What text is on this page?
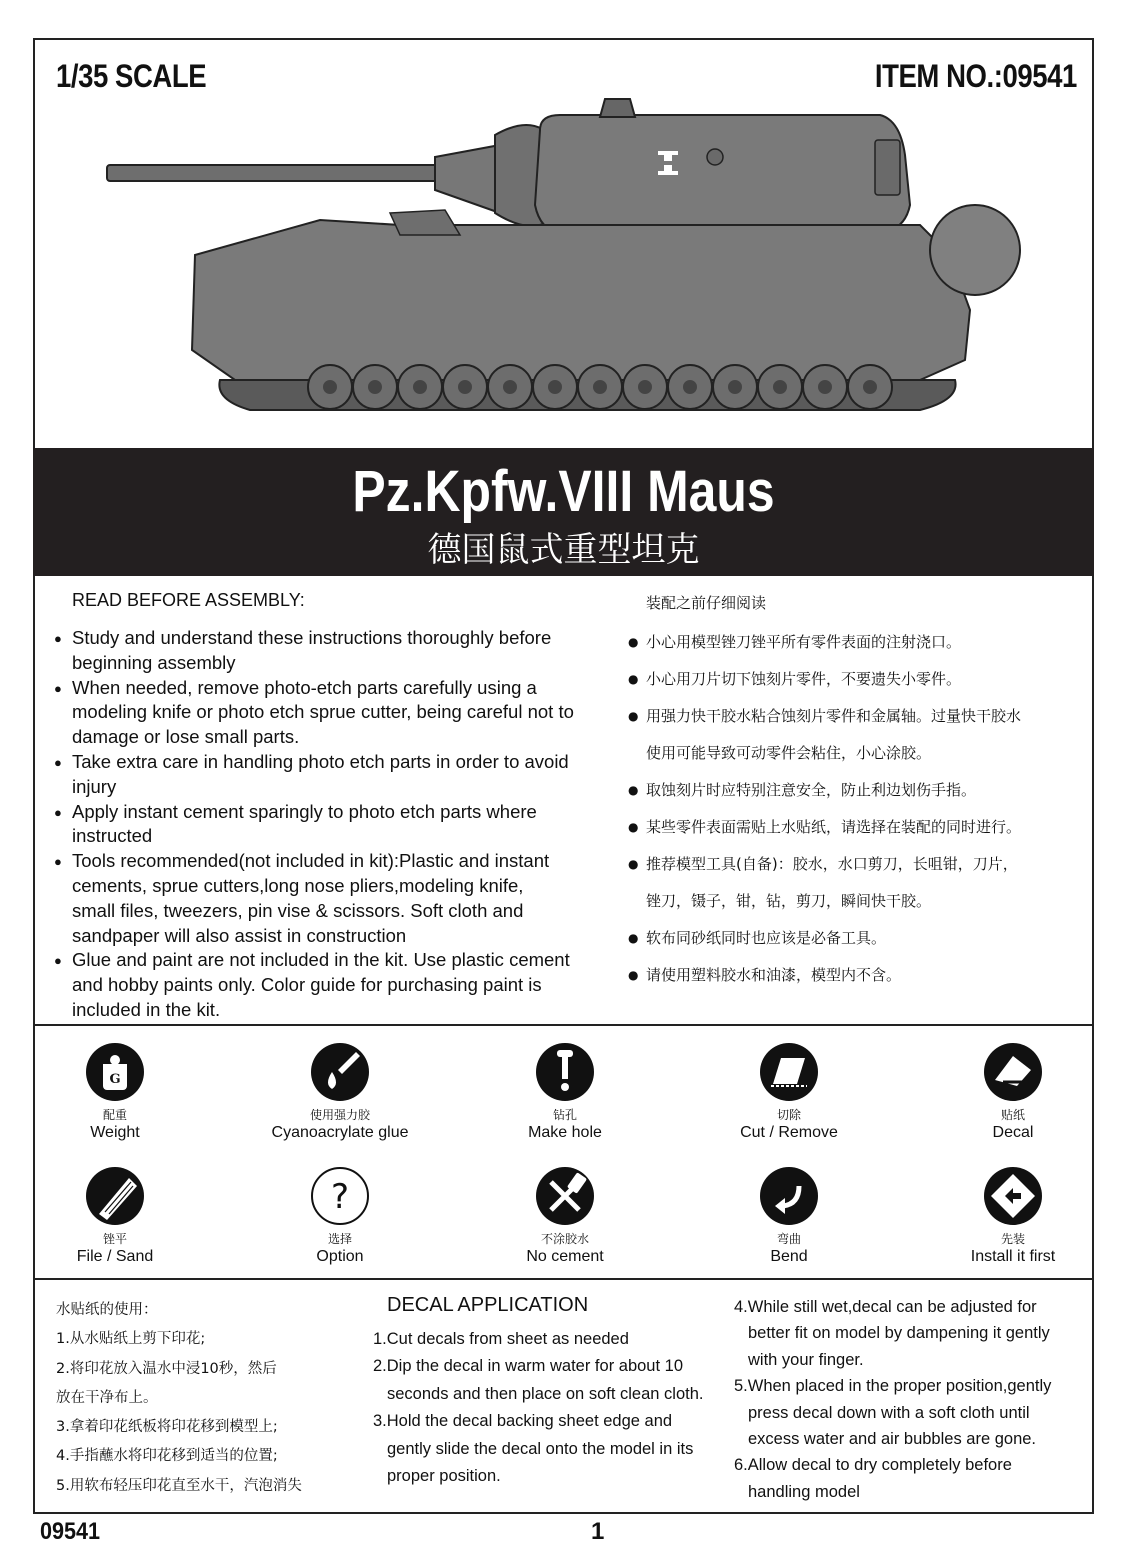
1/35 SCALE	ITEM NO.:09541
Pz.Kpfw.VIII Maus
德国鼠式重型坦克
READ BEFORE ASSEMBLY:	装配之前仔细阅读
● Study and understand these instructions thoroughly before
beginning assembly
● When needed, remove photo-etch parts carefully using a
modeling knife or photo etch sprue cutter, being careful not to
damage or lose small parts.
● Take extra care in handling photo etch parts in order to avoid
injury
● Apply instant cement sparingly to photo etch parts where
instructed
● Tools recommended(not included in kit):Plastic and instant
cements, sprue cutters,long nose pliers,modeling knife,
small files, tweezers, pin vise & scissors. Soft cloth and
sandpaper will also assist in construction
● Glue and paint are not included in the kit. Use plastic cement
and hobby paints only. Color guide for purchasing paint is
included in the kit.
● 小心用模型锉刀锉平所有零件表面的注射浇口。
● 小心用刀片切下蚀刻片零件，不要遗失小零件。
● 用强力快干胶水粘合蚀刻片零件和金属轴。过量快干胶水
使用可能导致可动零件会粘住，小心涂胶。
● 取蚀刻片时应特别注意安全，防止利边划伤手指。
● 某些零件表面需贴上水贴纸，请选择在装配的同时进行。
● 推荐模型工具(自备)：胶水，水口剪刀，长咀钳，刀片，
锉刀，镊子，钳，钻，剪刀，瞬间快干胶。
● 软布同砂纸同时也应该是必备工具。
● 请使用塑料胶水和油漆，模型内不含。
G
配重
Weight
使用强力胶
Cyanoacrylate glue
钻孔
Make hole
切除
Cut / Remove
贴纸
Decal
锉平
File / Sand
?
选择
Option
不涂胶水
No cement
弯曲
Bend
先装
Install it first
水贴纸的使用：
1.从水贴纸上剪下印花;
2.将印花放入温水中浸10秒，然后
放在干净布上。
3.拿着印花纸板将印花移到模型上;
4.手指蘸水将印花移到适当的位置;
5.用软布轻压印花直至水干，汽泡消失
DECAL APPLICATION
1.Cut decals from sheet as needed
2.Dip the decal in warm water for about 10
seconds and then place on soft clean cloth.
3.Hold the decal backing sheet edge and
gently slide the decal onto the model in its
proper position.
4.While still wet,decal can be adjusted for
better fit on model by dampening it gently
with your finger.
5.When placed in the proper position,gently
press decal down with a soft cloth until
excess water and air bubbles are gone.
6.Allow decal to dry completely before
handling model
09541	1
